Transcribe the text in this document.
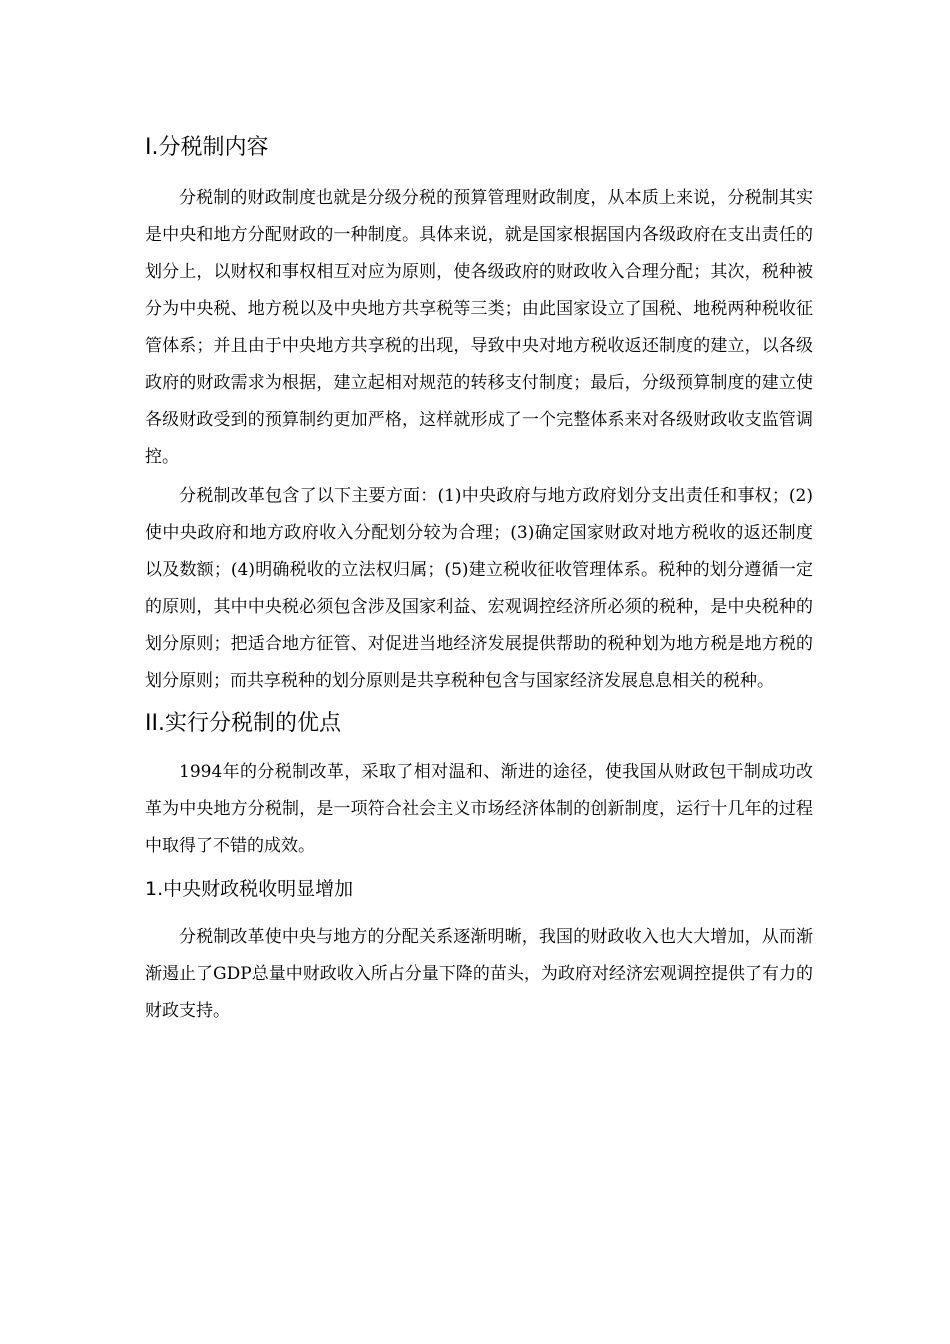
I.分税制内容

分税制的财政制度也就是分级分税的预算管理财政制度，从本质上来说，分税制其实是中央和地方分配财政的一种制度。具体来说，就是国家根据国内各级政府在支出责任的划分上，以财权和事权相互对应为原则，使各级政府的财政收入合理分配；其次，税种被分为中央税、地方税以及中央地方共享税等三类；由此国家设立了国税、地税两种税收征管体系；并且由于中央地方共享税的出现，导致中央对地方税收返还制度的建立，以各级政府的财政需求为根据，建立起相对规范的转移支付制度；最后，分级预算制度的建立使各级财政受到的预算制约更加严格，这样就形成了一个完整体系来对各级财政收支监管调控。

分税制改革包含了以下主要方面：(1)中央政府与地方政府划分支出责任和事权；(2)使中央政府和地方政府收入分配划分较为合理；(3)确定国家财政对地方税收的返还制度以及数额；(4)明确税收的立法权归属；(5)建立税收征收管理体系。税种的划分遵循一定的原则，其中中央税必须包含涉及国家利益、宏观调控经济所必须的税种，是中央税种的划分原则；把适合地方征管、对促进当地经济发展提供帮助的税种划为地方税是地方税的划分原则；而共享税种的划分原则是共享税种包含与国家经济发展息息相关的税种。

II.实行分税制的优点

1994年的分税制改革，采取了相对温和、渐进的途径，使我国从财政包干制成功改革为中央地方分税制，是一项符合社会主义市场经济体制的创新制度，运行十几年的过程中取得了不错的成效。

1.中央财政税收明显增加

分税制改革使中央与地方的分配关系逐渐明晰，我国的财政收入也大大增加，从而渐渐遏止了GDP总量中财政收入所占分量下降的苗头，为政府对经济宏观调控提供了有力的财政支持。
